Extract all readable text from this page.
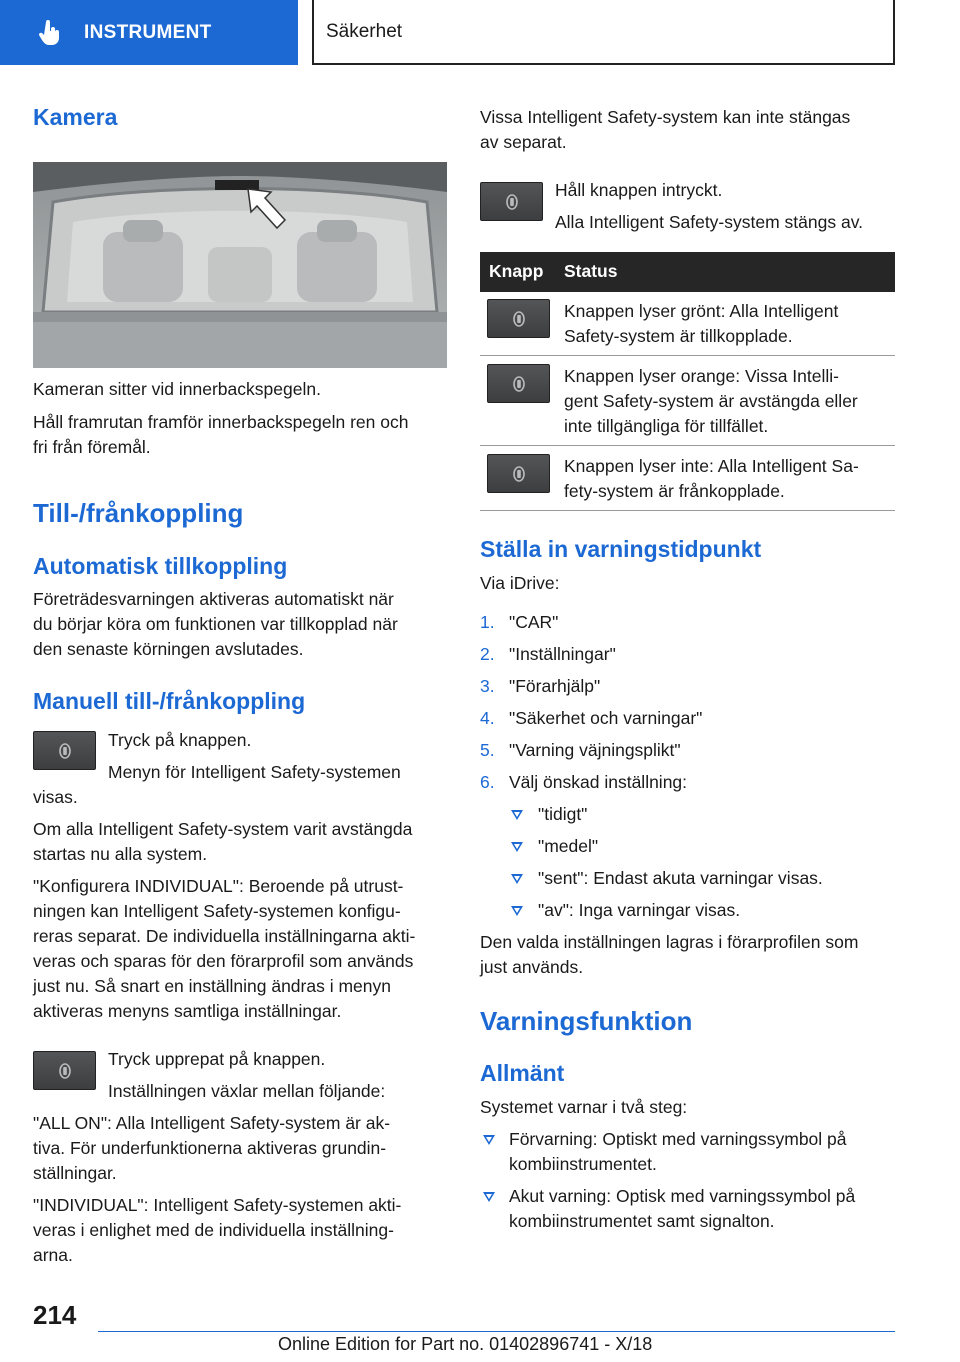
INSTRUMENT	Säkerhet
Kamera
Kameran sitter vid innerbackspegeln.
Håll framrutan framför innerbackspegeln ren och
fri från föremål.
Till-/frånkoppling
Automatisk tillkoppling
Företrädesvarningen aktiveras automatiskt när
du börjar köra om funktionen var tillkopplad när
den senaste körningen avslutades.
Manuell till-/frånkoppling
Tryck på knappen.
Menyn för Intelligent Safety-systemen
visas.
Om alla Intelligent Safety-system varit avstängda
startas nu alla system.
"Konfigurera INDIVIDUAL": Beroende på utrust-
ningen kan Intelligent Safety-systemen konfigu-
reras separat. De individuella inställningarna akti-
veras och sparas för den förarprofil som används
just nu. Så snart en inställning ändras i menyn
aktiveras menyns samtliga inställningar.
Tryck upprepat på knappen.
Inställningen växlar mellan följande:
"ALL ON": Alla Intelligent Safety-system är ak-
tiva. För underfunktionerna aktiveras grundin-
ställningar.
"INDIVIDUAL": Intelligent Safety-systemen akti-
veras i enlighet med de individuella inställning-
arna.
Vissa Intelligent Safety-system kan inte stängas
av separat.
Håll knappen intryckt.
Alla Intelligent Safety-system stängs av.
Knapp Status
Knappen lyser grönt: Alla Intelligent
Safety-system är tillkopplade.
Knappen lyser orange: Vissa Intelli-
gent Safety-system är avstängda eller
inte tillgängliga för tillfället.
Knappen lyser inte: Alla Intelligent Sa-
fety-system är frånkopplade.
Ställa in varningstidpunkt
Via iDrive:
1. "CAR"
2. "Inställningar"
3. "Förarhjälp"
4. "Säkerhet och varningar"
5. "Varning väjningsplikt"
6. Välj önskad inställning:
"tidigt"
"medel"
"sent": Endast akuta varningar visas.
"av": Inga varningar visas.
Den valda inställningen lagras i förarprofilen som
just används.
Varningsfunktion
Allmänt
Systemet varnar i två steg:
Förvarning: Optiskt med varningssymbol på
kombiinstrumentet.
Akut varning: Optisk med varningssymbol på
kombiinstrumentet samt signalton.
214
Online Edition for Part no. 01402896741 - X/18
